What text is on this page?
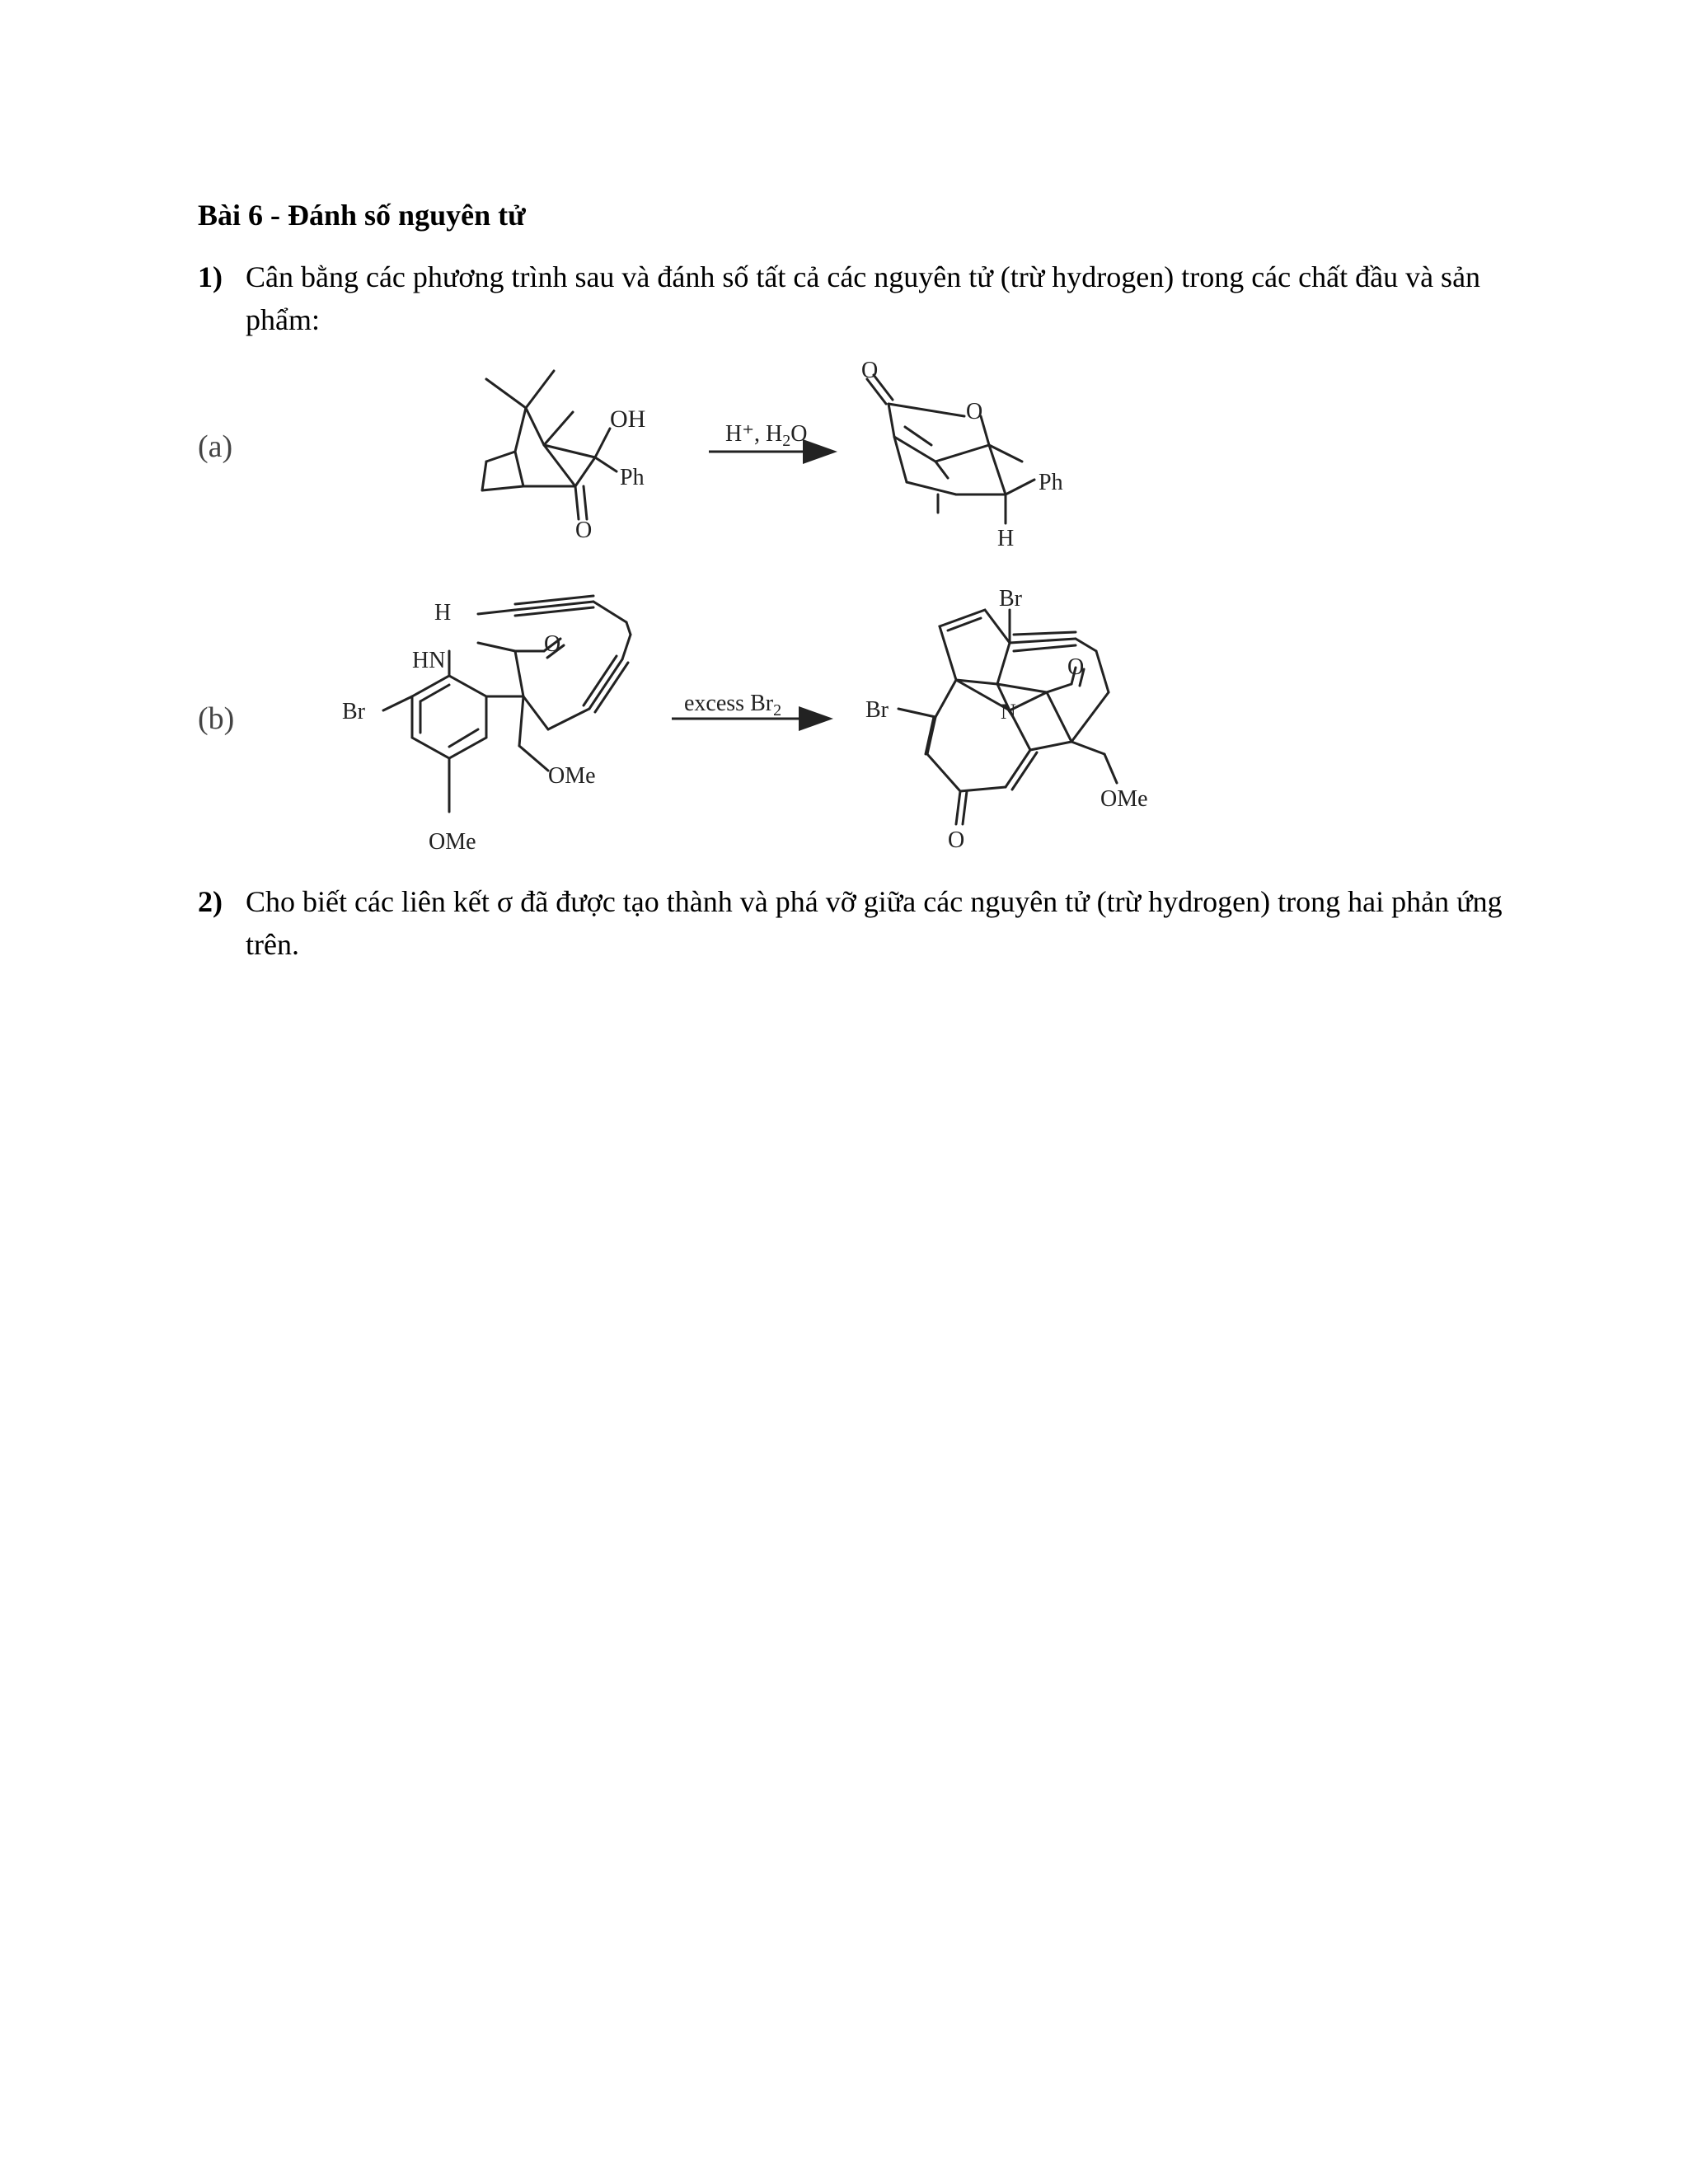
Bài 6 - Đánh số nguyên tử
1) Cân bằng các phương trình sau và đánh số tất cả các nguyên tử (trừ hydrogen) trong các chất đầu và sản phẩm:
(a)
(b)
OH
Ph
O
H⁺, $H_2O$
O
O
Ph
H
H
HN
O
Br
OMe
OMe
excess $Br_2$
Br
Br	N
O
O
OMe
2) Cho biết các liên kết σ đã được tạo thành và phá vỡ giữa các nguyên tử (trừ hydrogen) trong hai phản ứng trên.
